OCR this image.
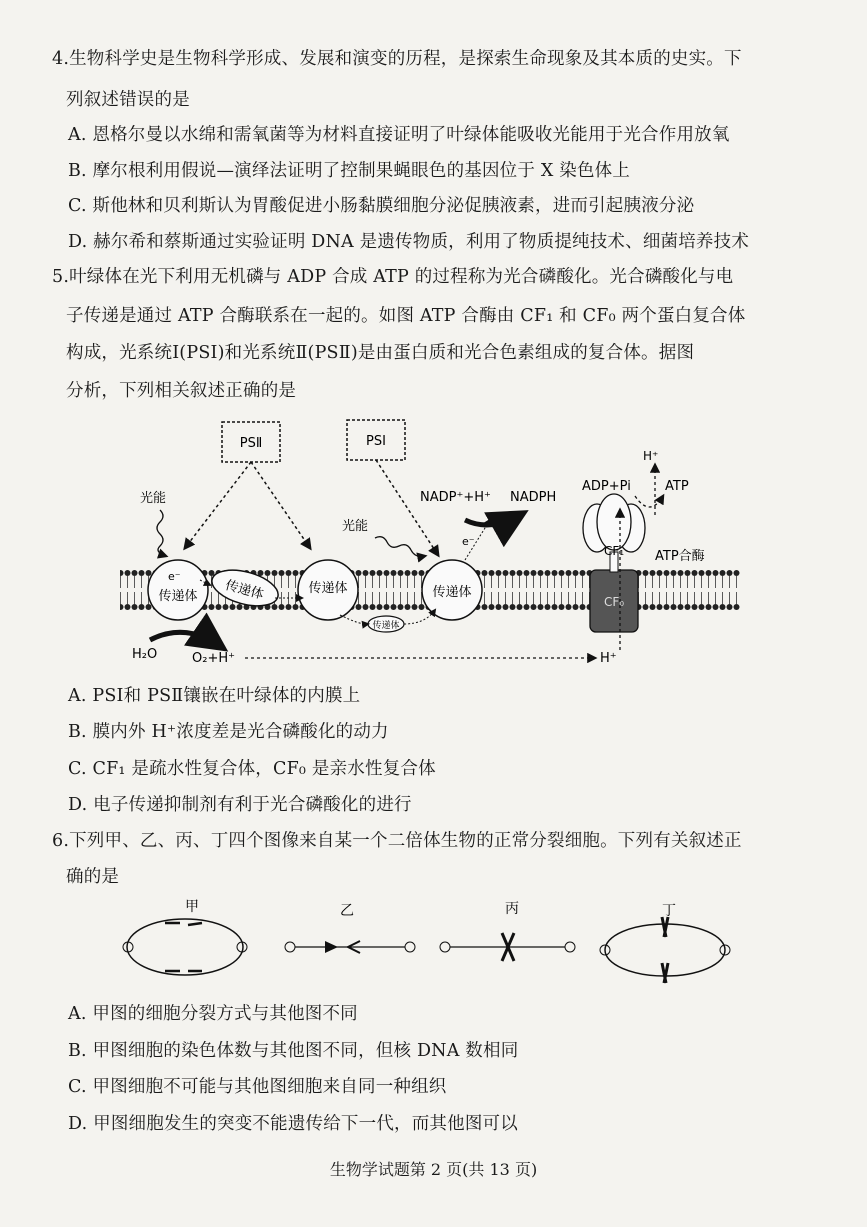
4.生物科学史是生物科学形成、发展和演变的历程，是探索生命现象及其本质的史实。下
列叙述错误的是
A. 恩格尔曼以水绵和需氧菌等为材料直接证明了叶绿体能吸收光能用于光合作用放氧
B. 摩尔根利用假说—演绎法证明了控制果蝇眼色的基因位于 X 染色体上
C. 斯他林和贝利斯认为胃酸促进小肠黏膜细胞分泌促胰液素，进而引起胰液分泌
D. 赫尔希和蔡斯通过实验证明 DNA 是遗传物质，利用了物质提纯技术、细菌培养技术
5.叶绿体在光下利用无机磷与 ADP 合成 ATP 的过程称为光合磷酸化。光合磷酸化与电
子传递是通过 ATP 合酶联系在一起的。如图 ATP 合酶由 CF₁ 和 CF₀ 两个蛋白复合体
构成，光系统Ⅰ(PSⅠ)和光系统Ⅱ(PSⅡ)是由蛋白质和光合色素组成的复合体。据图
分析，下列相关叙述正确的是
PSⅡ	PSⅠ
光能
光能
e⁻
传递体 传递体	传递体
传递体
传递体
e⁻
NADP⁺+H⁺ NADPH
H₂O	O₂+H⁺	H⁺
CF₀
CF₁ ATP合酶
H⁺
ADP+Pi	ATP
A. PSⅠ和 PSⅡ镶嵌在叶绿体的内膜上
B. 膜内外 H⁺浓度差是光合磷酸化的动力
C. CF₁ 是疏水性复合体，CF₀ 是亲水性复合体
D. 电子传递抑制剂有利于光合磷酸化的进行
6.下列甲、乙、丙、丁四个图像来自某一个二倍体生物的正常分裂细胞。下列有关叙述正
确的是
甲	乙	丙	丁
A. 甲图的细胞分裂方式与其他图不同
B. 甲图细胞的染色体数与其他图不同，但核 DNA 数相同
C. 甲图细胞不可能与其他图细胞来自同一种组织
D. 甲图细胞发生的突变不能遗传给下一代，而其他图可以
生物学试题第 2 页(共 13 页)
